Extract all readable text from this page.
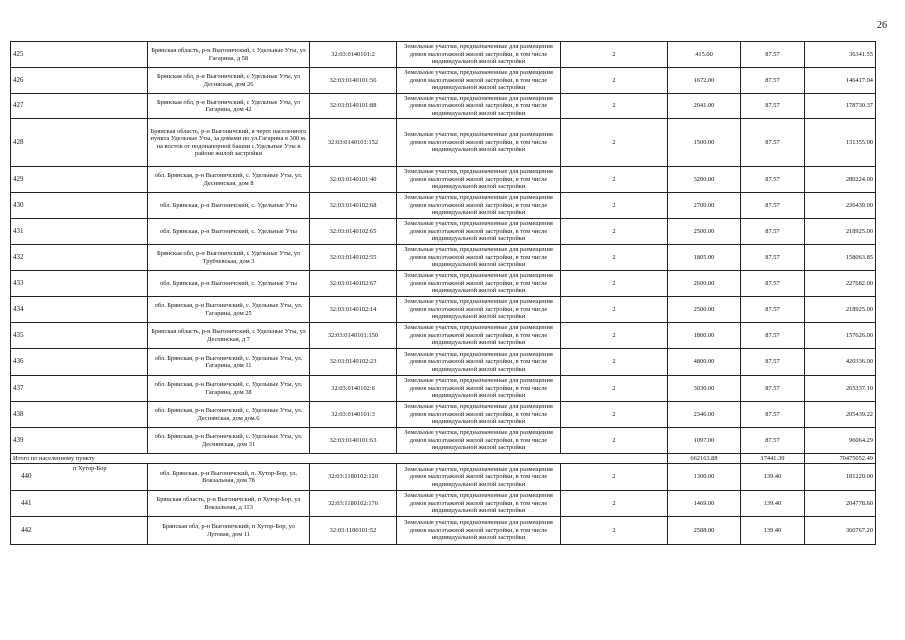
26
425	Брянская область, р-н Выгоничский, с Удельные Уты, ул Гагарина, д 58	32:03:0140101:2	Земельные участки, предназначенные для размещения домов малоэтажной жилой застройки, в том числе индивидуальной жилой застройки	2	415.00	87.57	36341.55
426	Брянская обл, р-н Выгоничский, с Удельные Уты, ул Десняская, дом 26	32:03:0140101:56	Земельные участки, предназначенные для размещения домов малоэтажной жилой застройки, в том числе индивидуальной жилой застройки	2	1672.00	87.57	146417.04
427	Брянская обл, р-н Выгоничский, с Удельные Уты, ул Гагарина, дом 42	32:03:0140101:88	Земельные участки, предназначенные для размещения домов малоэтажной жилой застройки, в том числе индивидуальной жилой застройки	2	2041.00	87.57	178730.37
428	Брянская область, р-н Выгоничский, в черте населенного пункта Удельные Уты, за домами по ул.Гагарина в 300 м. на восток от подонапорной башни с.Удельные Уты в районе жилой застройки	32:03:0140101:152	Земельные участки, предназначенные для размещения домов малоэтажной жилой застройки, в том числе индивидуальной жилой застройки	2	1500.00	87.57	131355.00
429	обл. Брянская, р-н Выгоничский, с. Удельные Уты, ул. Деснянская, дом 8	32:03:0140101:40	Земельные участки, предназначенные для размещения домов малоэтажной жилой застройки, в том числе индивидуальной жилой застройки	2	3200.00	87.57	280224.00
430	обл. Брянская, р-н Выгоничский, с. Удельные Уты	32:03:0140102:68	Земельные участки, предназначенные для размещения домов малоэтажной жилой застройки, в том числе индивидуальной жилой застройки	2	2700.00	87.57	236439.00
431	обл. Брянская, р-н Выгоничский, с. Удельные Уты	32:03:0140102:65	Земельные участки, предназначенные для размещения домов малоэтажной жилой застройки, в том числе индивидуальной жилой застройки	2	2500.00	87.57	218925.00
432	Брянская обл, р-н Выгоничский, с Удельные Уты, ул Трубчевская, дом 3	32:03:0140102:55	Земельные участки, предназначенные для размещения домов малоэтажной жилой застройки, в том числе индивидуальной жилой застройки	2	1805.00	87.57	158063.85
433	обл. Брянская, р-н Выгоничский, с. Удельные Уты	32:03:0140102:67	Земельные участки, предназначенные для размещения домов малоэтажной жилой застройки, в том числе индивидуальной жилой застройки	2	2600.00	87.57	227682.00
434	обл. Брянская, р-н Выгоничский, с. Удельные Уты, ул. Гагарина, дом 25	32:03:0140102:14	Земельные участки, предназначенные для размещения домов малоэтажной жилой застройки, в том числе индивидуальной жилой застройки	2	2500.00	87.57	218925.00
435	Брянская область, р-н Выгоничский, с Удельные Уты, ул Деснянская, д 7	32:03:0140101:150	Земельные участки, предназначенные для размещения домов малоэтажной жилой застройки, в том числе индивидуальной жилой застройки	2	1800.00	87.57	157626.00
436	обл. Брянская, р-н Выгоничский, с. Удельные Уты, ул. Гагарина, дом 11	32:03:0140102:23	Земельные участки, предназначенные для размещения домов малоэтажной жилой застройки, в том числе индивидуальной жилой застройки	2	4800.00	87.57	420336.00
437	обл. Брянская, р-н Выгоничский, с. Удельные Уты, ул. Гагарина, дом 38	32:03:0140102:6	Земельные участки, предназначенные для размещения домов малоэтажной жилой застройки, в том числе индивидуальной жилой застройки	2	3030.00	87.57	265337.10
438	обл. Брянская, р-н Выгоничский, с. Удельные Уты, ул. Деснянская, дом дом.6	32:03:0140101:3	Земельные участки, предназначенные для размещения домов малоэтажной жилой застройки, в том числе индивидуальной жилой застройки	2	2346.00	87.57	205439.22
439	обл. Брянская, р-н Выгоничский, с. Удельные Уты, ул. Деснянская, дом 31	32:03:0140101:63	Земельные участки, предназначенные для размещения домов малоэтажной жилой застройки, в том числе индивидуальной жилой застройки	2	1097.00	87.57	96064.29
Итого по населенному пункту					662163.88	17441.39	70475052.49

п Хутор-Бор
440	обл. Брянская, р-н Выгоничский, п. Хутор-Бор, ул. Вокзальная, дом 78	32:03:1180102:120	Земельные участки, предназначенные для размещения домов малоэтажной жилой застройки, в том числе индивидуальной жилой застройки	2	1300.00	139.40	181220.00
441	Брянская область, р-н Выгоничский, п Хутор-Бор, ул Вокзальная, д 113	32:03:1180102:176	Земельные участки, предназначенные для размещения домов малоэтажной жилой застройки, в том числе индивидуальной жилой застройки	2	1469.00	139.40	204778.60
442	Брянская обл, р-н Выгоничский, п Хутор-Бор, ул Луговая, дом 11	32:03:1180101:52	Земельные участки, предназначенные для размещения домов малоэтажной жилой застройки, в том числе индивидуальной жилой застройки	2	2588.00	139.40	360767.20
